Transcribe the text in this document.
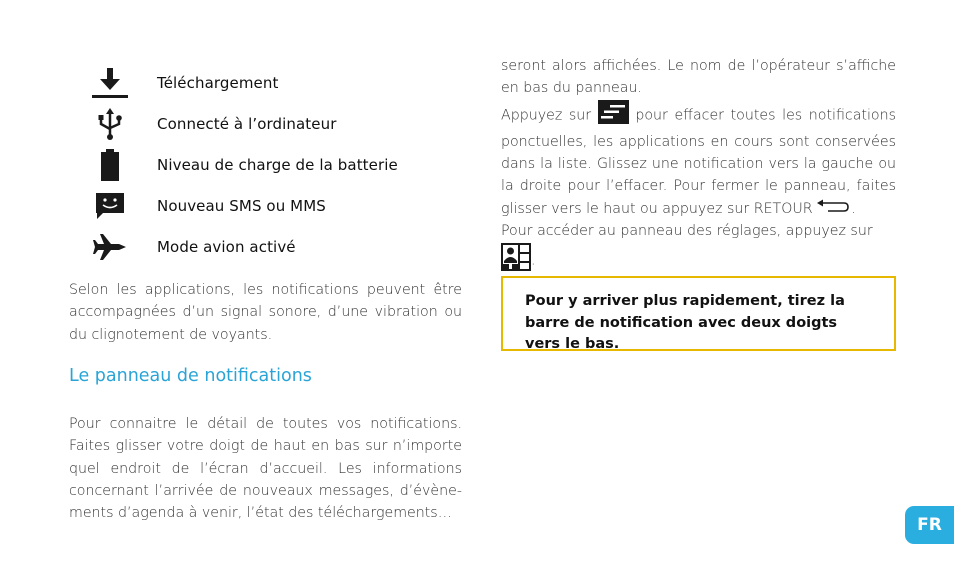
Téléchargement
Connecté à l’ordinateur
Niveau de charge de la batterie
Nouveau SMS ou MMS
Mode avion activé

Selon les applications, les notifications peuvent être accompagnées d’un signal sonore, d’une vibration ou du clignotement de voyants.

Le panneau de notifications

Pour connaitre le détail de toutes vos notifications. Faites glisser votre doigt de haut en bas sur n’importe quel endroit de l’écran d’accueil. Les informations concernant l’arrivée de nouveaux messages, d’évène-ments d’agenda à venir, l’état des téléchargements…

seront alors affichées. Le nom de l’opérateur s’affiche en bas du panneau.

Appuyez sur	pour effacer toutes les notifications ponctuelles, les applications en cours sont conservées dans la liste. Glissez une notification vers la gauche ou la droite pour l’effacer. Pour fermer le panneau, faites glisser vers le haut ou appuyez sur RETOUR	.

Pour accéder au panneau des réglages, appuyez sur
.

Pour y arriver plus rapidement, tirez la barre de notification avec deux doigts vers le bas.
FR
